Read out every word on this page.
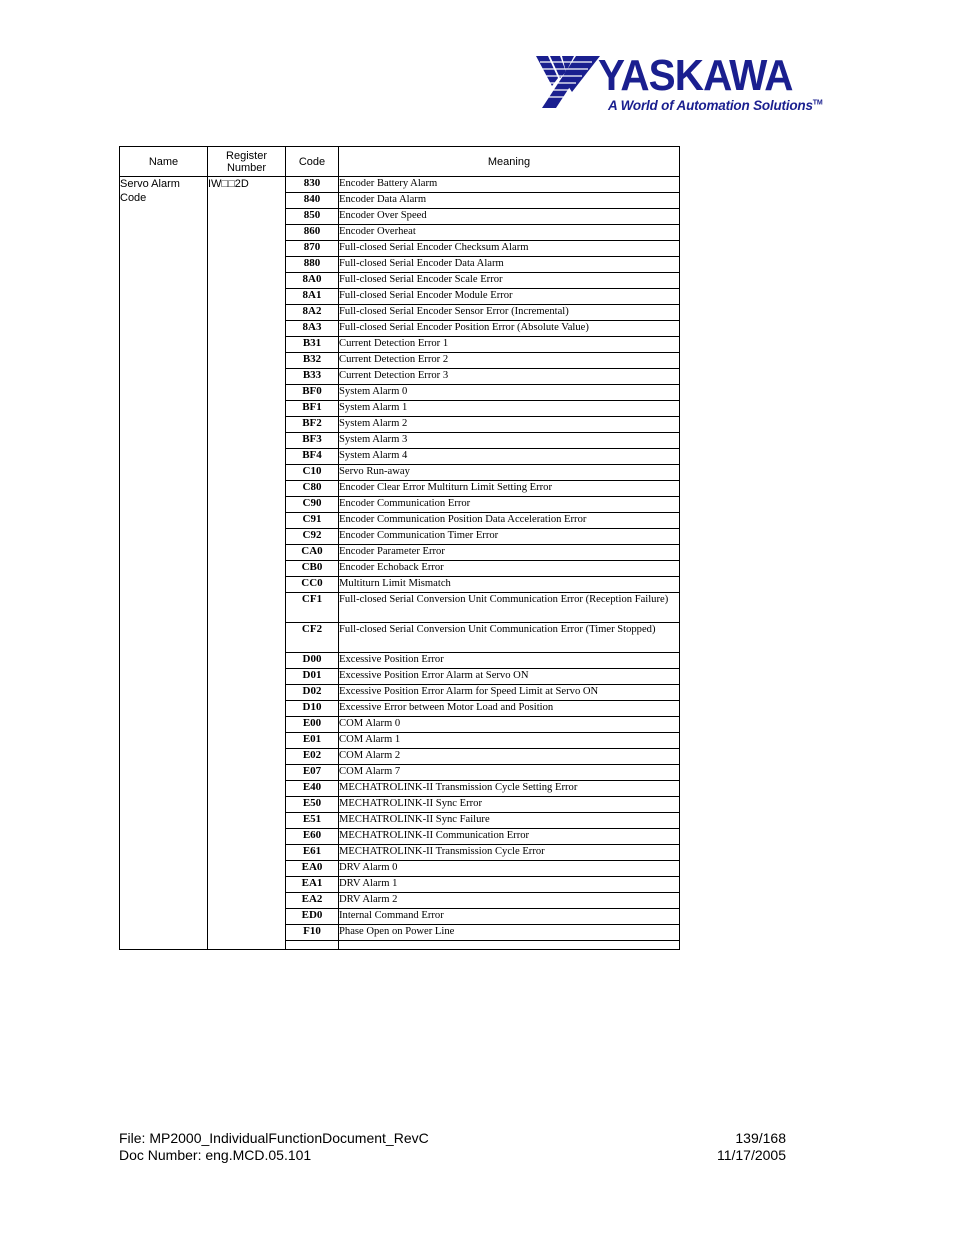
YASKAWA
A World of Automation Solutions™
Name	Register Number	Code	Meaning
Servo Alarm Code	IW□□2D	830	Encoder Battery Alarm
		840	Encoder Data Alarm
		850	Encoder Over Speed
		860	Encoder Overheat
		870	Full-closed Serial Encoder Checksum Alarm
		880	Full-closed Serial Encoder Data Alarm
		8A0	Full-closed Serial Encoder Scale Error
		8A1	Full-closed Serial Encoder Module Error
		8A2	Full-closed Serial Encoder Sensor Error (Incremental)
		8A3	Full-closed Serial Encoder Position Error (Absolute Value)
		B31	Current Detection Error 1
		B32	Current Detection Error 2
		B33	Current Detection Error 3
		BF0	System Alarm 0
		BF1	System Alarm 1
		BF2	System Alarm 2
		BF3	System Alarm 3
		BF4	System Alarm 4
		C10	Servo Run-away
		C80	Encoder Clear Error Multiturn Limit Setting Error
		C90	Encoder Communication Error
		C91	Encoder Communication Position Data Acceleration Error
		C92	Encoder Communication Timer Error
		CA0	Encoder Parameter Error
		CB0	Encoder Echoback Error
		CC0	Multiturn Limit Mismatch
		CF1	Full-closed Serial Conversion Unit Communication Error (Reception Failure)
		CF2	Full-closed Serial Conversion Unit Communication Error (Timer Stopped)
		D00	Excessive Position Error
		D01	Excessive Position Error Alarm at Servo ON
		D02	Excessive Position Error Alarm for Speed Limit at Servo ON
		D10	Excessive Error between Motor Load and Position
		E00	COM Alarm 0
		E01	COM Alarm 1
		E02	COM Alarm 2
		E07	COM Alarm 7
		E40	MECHATROLINK-II Transmission Cycle Setting Error
		E50	MECHATROLINK-II Sync Error
		E51	MECHATROLINK-II Sync Failure
		E60	MECHATROLINK-II Communication Error
		E61	MECHATROLINK-II Transmission Cycle Error
		EA0	DRV Alarm 0
		EA1	DRV Alarm 1
		EA2	DRV Alarm 2
		ED0	Internal Command Error
		F10	Phase Open on Power Line

File: MP2000_IndividualFunctionDocument_RevC	139/168
Doc Number: eng.MCD.05.101	11/17/2005
